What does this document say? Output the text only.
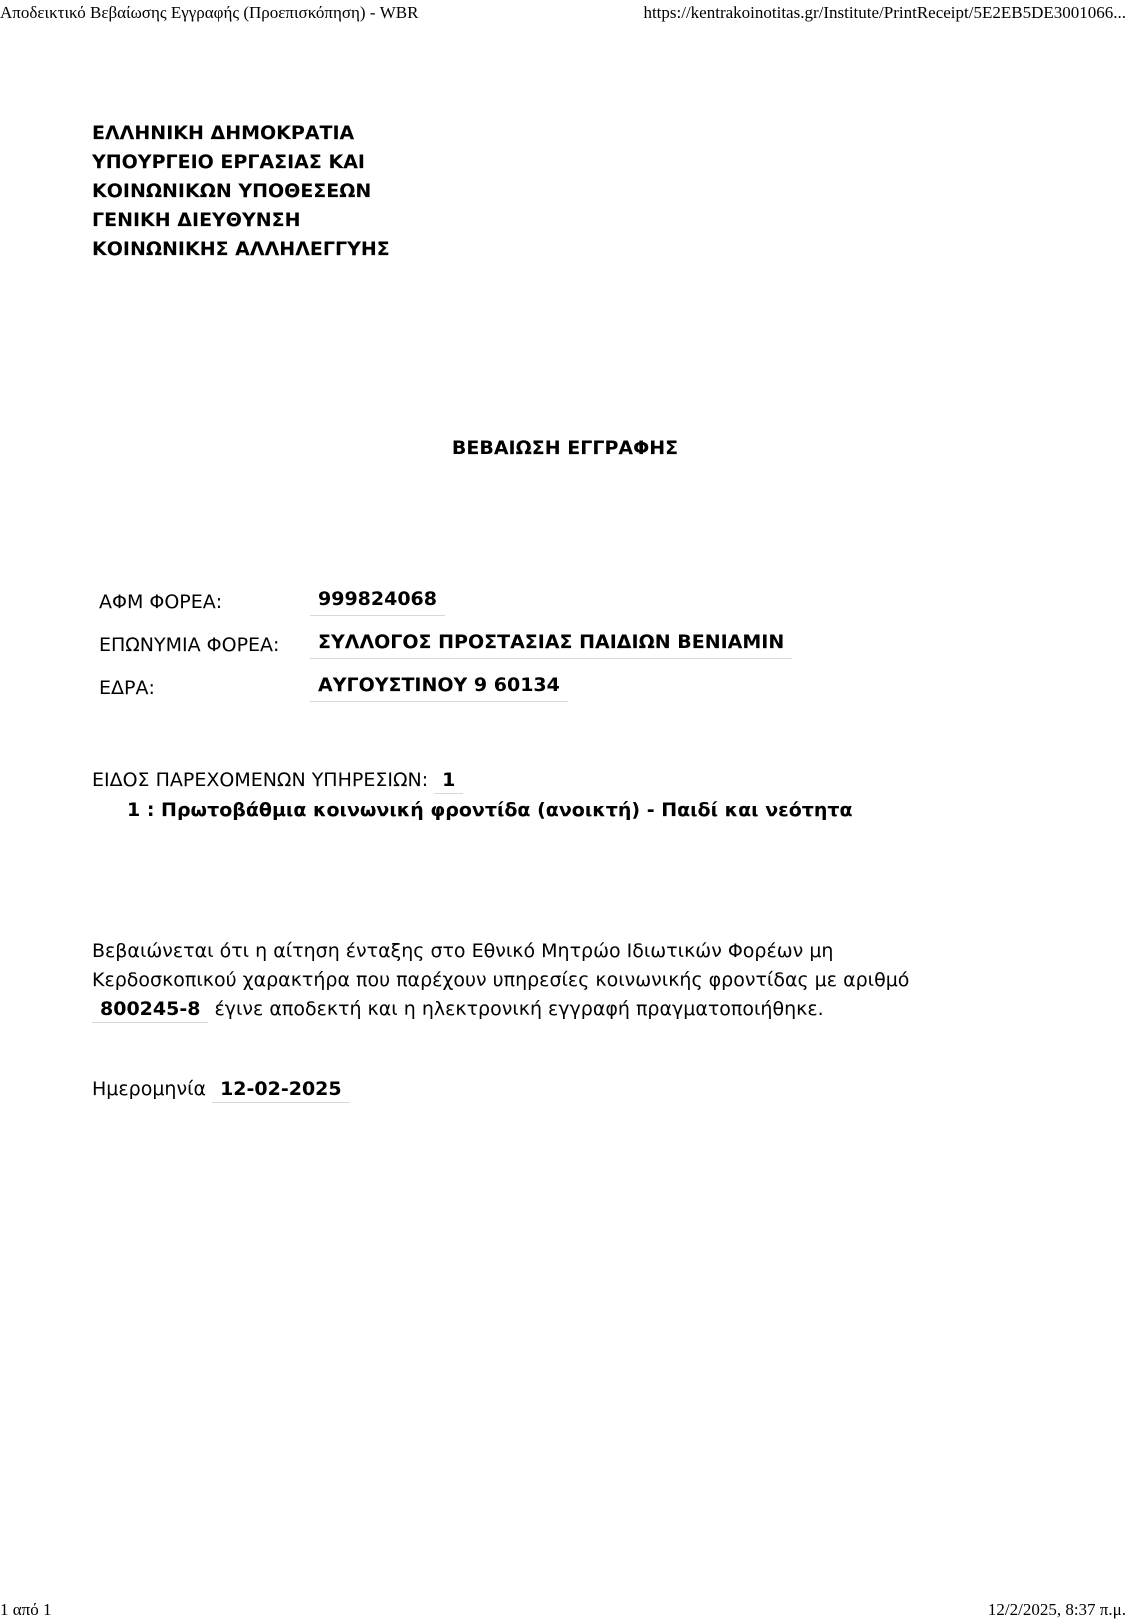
Αποδεικτικό Βεβαίωσης Εγγραφής (Προεπισκόπηση) - WBR	https://kentrakoinotitas.gr/Institute/PrintReceipt/5E2EB5DE3001066...
ΕΛΛΗΝΙΚΗ ΔΗΜΟΚΡΑΤΙΑ
ΥΠΟΥΡΓΕΙΟ ΕΡΓΑΣΙΑΣ ΚΑΙ
ΚΟΙΝΩΝΙΚΩΝ ΥΠΟΘΕΣΕΩΝ
ΓΕΝΙΚΗ ΔΙΕΥΘΥΝΣΗ
ΚΟΙΝΩΝΙΚΗΣ ΑΛΛΗΛΕΓΓΥΗΣ
ΒΕΒΑΙΩΣΗ ΕΓΓΡΑΦΗΣ
ΑΦΜ ΦΟΡΕΑ:	999824068
ΕΠΩΝΥΜΙΑ ΦΟΡΕΑ:	ΣΥΛΛΟΓΟΣ ΠΡΟΣΤΑΣΙΑΣ ΠΑΙΔΙΩΝ ΒΕΝΙΑΜΙΝ
ΕΔΡΑ:	ΑΥΓΟΥΣΤΙΝΟΥ 9 60134
ΕΙΔΟΣ ΠΑΡΕΧΟΜΕΝΩΝ ΥΠΗΡΕΣΙΩΝ: 1
1 : Πρωτοβάθμια κοινωνική φροντίδα (ανοικτή) - Παιδί και νεότητα
Βεβαιώνεται ότι η αίτηση ένταξης στο Εθνικό Μητρώο Ιδιωτικών Φορέων μη
Κερδοσκοπικού χαρακτήρα που παρέχουν υπηρεσίες κοινωνικής φροντίδας με αριθμό
800245-8 έγινε αποδεκτή και η ηλεκτρονική εγγραφή πραγματοποιήθηκε.
Ημερομηνία 12-02-2025
1 από 1	12/2/2025, 8:37 π.μ.
